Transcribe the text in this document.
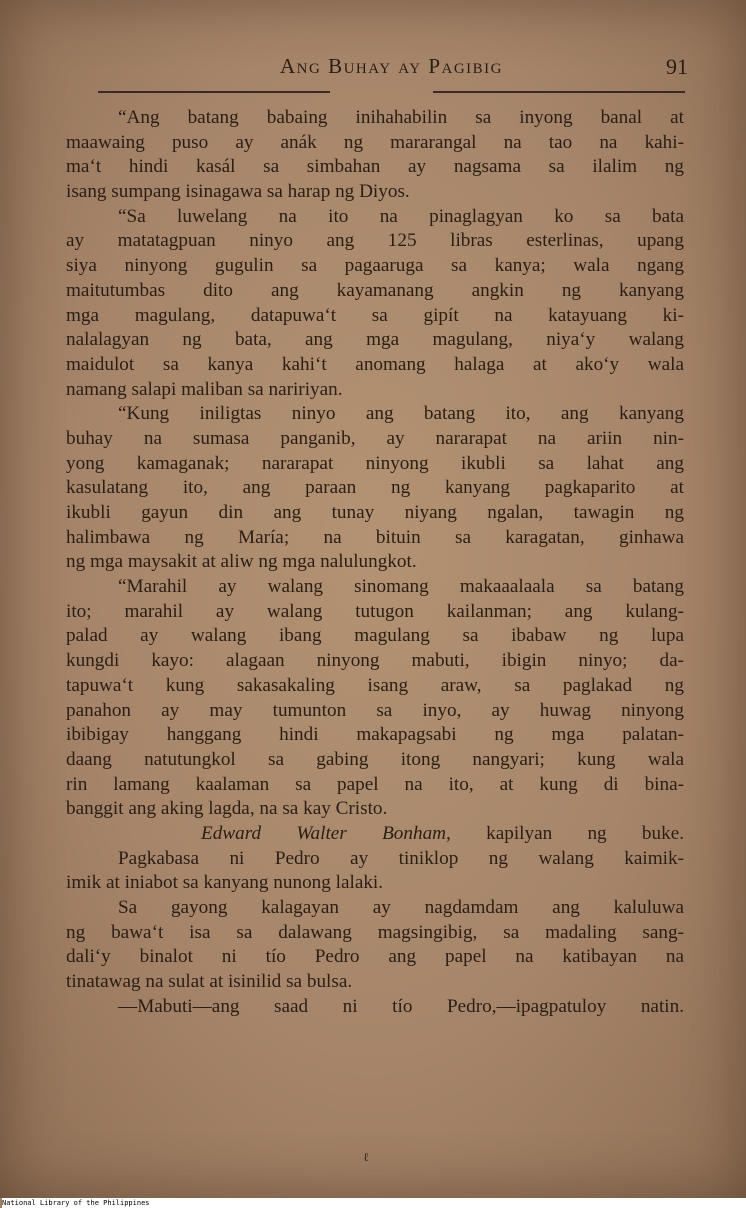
Ang Buhay ay Pagibig	91
“Ang batang babaing inihahabilin sa inyong banal at
maawaing puso ay anák ng mararangal na tao na kahi-
ma‘t hindi kasál sa simbahan ay nagsama sa ilalim ng
isang sumpang isinagawa sa harap ng Diyos.
“Sa luwelang na ito na pinaglagyan ko sa bata
ay matatagpuan ninyo ang 125 libras esterlinas, upang
siya ninyong gugulin sa pagaaruga sa kanya; wala ngang
maitutumbas dito ang kayamanang angkin ng kanyang
mga magulang, datapuwa‘t sa gipít na katayuang ki-
nalalagyan ng bata, ang mga magulang, niya‘y walang
maidulot sa kanya kahi‘t anomang halaga at ako‘y wala
namang salapi maliban sa naririyan.
“Kung iniligtas ninyo ang batang ito, ang kanyang
buhay na sumasa panganib, ay nararapat na ariin nin-
yong kamaganak; nararapat ninyong ikubli sa lahat ang
kasulatang ito, ang paraan ng kanyang pagkaparito at
ikubli gayun din ang tunay niyang ngalan, tawagin ng
halimbawa ng María; na bituin sa karagatan, ginhawa
ng mga maysakit at aliw ng mga nalulungkot.
“Marahil ay walang sinomang makaaalaala sa batang
ito; marahil ay walang tutugon kailanman; ang kulang-
palad ay walang ibang magulang sa ibabaw ng lupa
kungdi kayo: alagaan ninyong mabuti, ibigin ninyo; da-
tapuwa‘t kung sakasakaling isang araw, sa paglakad ng
panahon ay may tumunton sa inyo, ay huwag ninyong
ibibigay hanggang hindi makapagsabi ng mga palatan-
daang natutungkol sa gabing itong nangyari; kung wala
rin lamang kaalaman sa papel na ito, at kung di bina-
banggit ang aking lagda, na sa kay Cristo.
Edward Walter Bonham, kapilyan ng buke.
Pagkabasa ni Pedro ay tiniklop ng walang kaimik-
imik at iniabot sa kanyang nunong lalaki.
Sa gayong kalagayan ay nagdamdam ang kaluluwa
ng bawa‘t isa sa dalawang magsingibig, sa madaling sang-
dali‘y binalot ni tío Pedro ang papel na katibayan na
tinatawag na sulat at isinilid sa bulsa.
—Mabuti—ang saad ni tío Pedro,—ipagpatuloy natin.
ℓ
National Library of the Philippines
